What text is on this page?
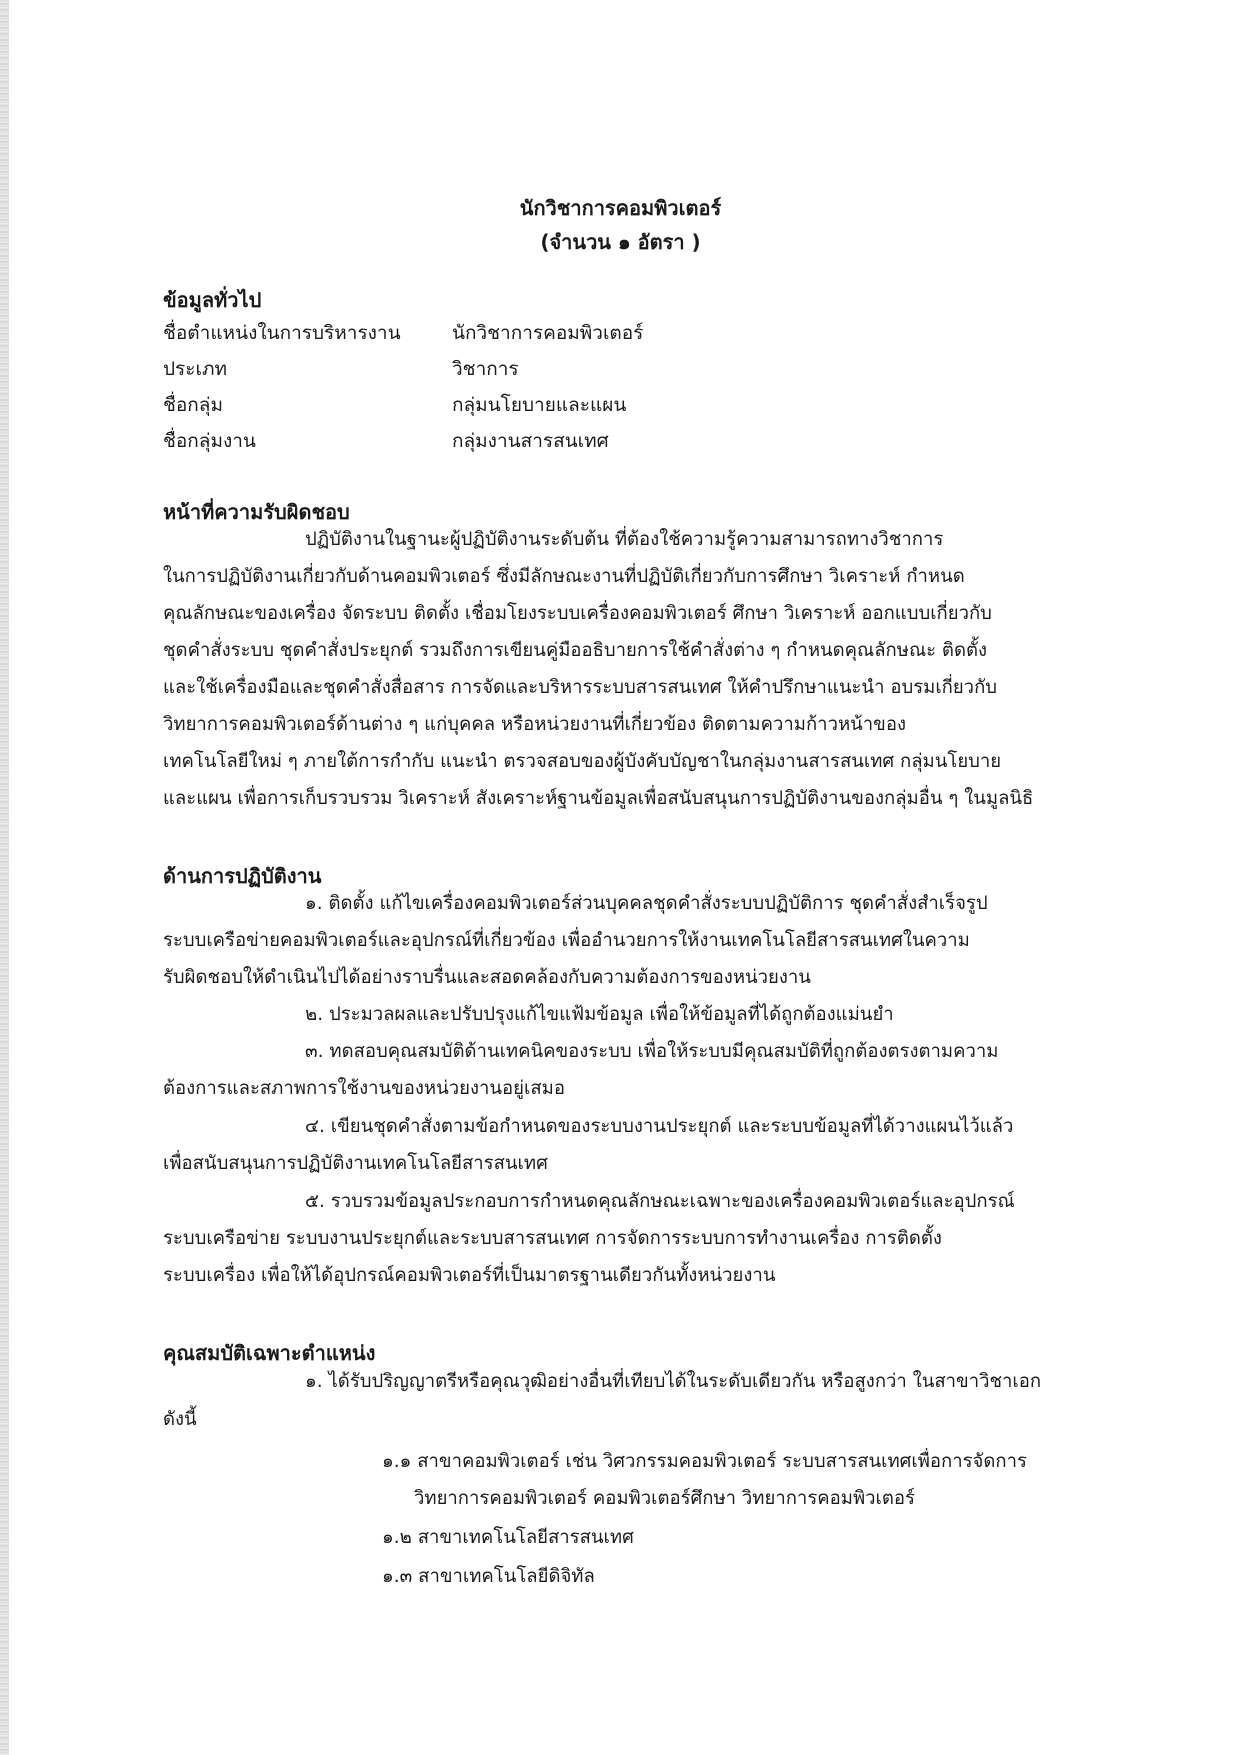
นักวิชาการคอมพิวเตอร์
(จำนวน ๑ อัตรา )
ข้อมูลทั่วไป
ชื่อตำแหน่งในการบริหารงาน	นักวิชาการคอมพิวเตอร์
ประเภท	วิชาการ
ชื่อกลุ่ม	กลุ่มนโยบายและแผน
ชื่อกลุ่มงาน	กลุ่มงานสารสนเทศ
หน้าที่ความรับผิดชอบ
ปฏิบัติงานในฐานะผู้ปฏิบัติงานระดับต้น ที่ต้องใช้ความรู้ความสามารถทางวิชาการ
ในการปฏิบัติงานเกี่ยวกับด้านคอมพิวเตอร์ ซึ่งมีลักษณะงานที่ปฏิบัติเกี่ยวกับการศึกษา วิเคราะห์ กำหนด
คุณลักษณะของเครื่อง จัดระบบ ติดตั้ง เชื่อมโยงระบบเครื่องคอมพิวเตอร์ ศึกษา วิเคราะห์ ออกแบบเกี่ยวกับ
ชุดคำสั่งระบบ ชุดคำสั่งประยุกต์ รวมถึงการเขียนคู่มืออธิบายการใช้คำสั่งต่าง ๆ กำหนดคุณลักษณะ ติดตั้ง
และใช้เครื่องมือและชุดคำสั่งสื่อสาร การจัดและบริหารระบบสารสนเทศ ให้คำปรึกษาแนะนำ อบรมเกี่ยวกับ
วิทยาการคอมพิวเตอร์ด้านต่าง ๆ แก่บุคคล หรือหน่วยงานที่เกี่ยวข้อง ติดตามความก้าวหน้าของ
เทคโนโลยีใหม่ ๆ ภายใต้การกำกับ แนะนำ ตรวจสอบของผู้บังคับบัญชาในกลุ่มงานสารสนเทศ กลุ่มนโยบาย
และแผน เพื่อการเก็บรวบรวม วิเคราะห์ สังเคราะห์ฐานข้อมูลเพื่อสนับสนุนการปฏิบัติงานของกลุ่มอื่น ๆ ในมูลนิธิ
ด้านการปฏิบัติงาน
๑. ติดตั้ง แก้ไขเครื่องคอมพิวเตอร์ส่วนบุคคลชุดคำสั่งระบบปฏิบัติการ ชุดคำสั่งสำเร็จรูป
ระบบเครือข่ายคอมพิวเตอร์และอุปกรณ์ที่เกี่ยวข้อง เพื่ออำนวยการให้งานเทคโนโลยีสารสนเทศในความ
รับผิดชอบให้ดำเนินไปได้อย่างราบรื่นและสอดคล้องกับความต้องการของหน่วยงาน
๒. ประมวลผลและปรับปรุงแก้ไขแฟ้มข้อมูล เพื่อให้ข้อมูลที่ได้ถูกต้องแม่นยำ
๓. ทดสอบคุณสมบัติด้านเทคนิคของระบบ เพื่อให้ระบบมีคุณสมบัติที่ถูกต้องตรงตามความ
ต้องการและสภาพการใช้งานของหน่วยงานอยู่เสมอ
๔. เขียนชุดคำสั่งตามข้อกำหนดของระบบงานประยุกต์ และระบบข้อมูลที่ได้วางแผนไว้แล้ว
เพื่อสนับสนุนการปฏิบัติงานเทคโนโลยีสารสนเทศ
๕. รวบรวมข้อมูลประกอบการกำหนดคุณลักษณะเฉพาะของเครื่องคอมพิวเตอร์และอุปกรณ์
ระบบเครือข่าย ระบบงานประยุกต์และระบบสารสนเทศ การจัดการระบบการทำงานเครื่อง การติดตั้ง
ระบบเครื่อง เพื่อให้ได้อุปกรณ์คอมพิวเตอร์ที่เป็นมาตรฐานเดียวกันทั้งหน่วยงาน
คุณสมบัติเฉพาะตำแหน่ง
๑. ได้รับปริญญาตรีหรือคุณวุฒิอย่างอื่นที่เทียบได้ในระดับเดียวกัน หรือสูงกว่า ในสาขาวิชาเอก
ดังนี้
๑.๑ สาขาคอมพิวเตอร์ เช่น วิศวกรรมคอมพิวเตอร์ ระบบสารสนเทศเพื่อการจัดการ
วิทยาการคอมพิวเตอร์ คอมพิวเตอร์ศึกษา วิทยาการคอมพิวเตอร์
๑.๒ สาขาเทคโนโลยีสารสนเทศ
๑.๓ สาขาเทคโนโลยีดิจิทัล
